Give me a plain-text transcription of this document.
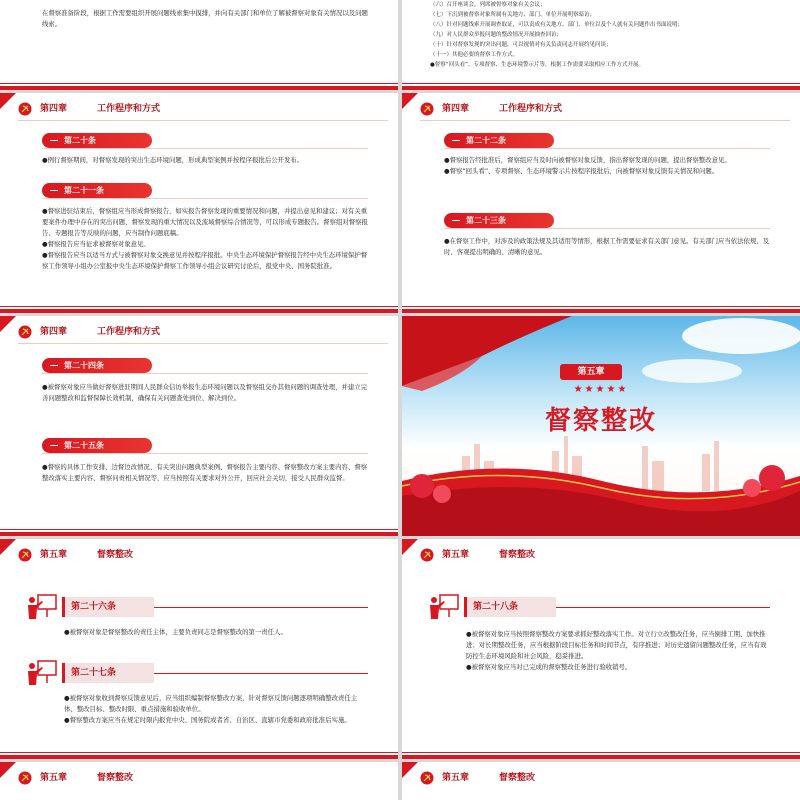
在督察准备阶段，根据工作需要组织开展问题线索集中摸排，并向有关部门和单位了解被督察对象有关情况以及问题线索。
（六）召开座谈会，列席被督察对象有关会议；
（七）下沉到被督察对象所属有关地方、部门、单位开展明察暗访；
（八）针对问题线索开展调查取证，可以责成有关地方、部门、单位以及个人就有关问题作出书面说明；
（九）对人民群众举报问题的整改情况开展抽查回访；
（十）针对督察发现的突出问题，可以视情对有关负责同志开展约见问谈；
（十一）其他必要的督察工作方式。
●督察“回头看”、专项督察、生态环境警示片等，根据工作需要采取相应工作方式开展。
第四章	工作程序和方式
第二十条
●例行督察期间，对督察发现的突出生态环境问题，形成典型案例并按程序报批后公开发布。
第二十一条
●督察进驻结束后，督察组应当形成督察报告，如实报告督察发现的重要情况和问题，并提出意见和建议；对有关重要案件办理中存在的突出问题、督察发现的重大情况以及流域督察综合情况等，可以形成专题报告。督察组对督察报告、专题报告等反映的问题，应当制作问题底稿。
●督察报告应当征求被督察对象意见。
●督察报告应当以适当方式与被督察对象交换意见并按程序报批。中央生态环境保护督察报告经中央生态环境保护督察工作领导小组办公室报中央生态环境保护督察工作领导小组会议研究讨论后，报党中央、国务院批准。
第四章	工作程序和方式
第二十二条
●督察报告经批准后，督察组应当及时向被督察对象反馈，指出督察发现的问题，提出督察整改意见。
●督察“回头看”、专项督察、生态环境警示片按程序报批后，向被督察对象反馈有关情况和问题。
第二十三条
●在督察工作中，对涉及的政策法规及其适用等情形，根据工作需要征求有关部门意见。有关部门应当依法依规、及时、客观提出明确的、清晰的意见。
第四章	工作程序和方式
第二十四条
●被督察对象应当做好督察进驻期间人民群众信访举报生态环境问题以及督察组交办其他问题的调查处理，并建立完善问题整改和监督保障长效机制，确保有关问题查处到位、解决到位。
第二十五条
●督察的具体工作安排、边督边改情况、有关突出问题典型案例、督察报告主要内容、督察整改方案主要内容、督察整改落实主要内容、督察问责相关情况等，应当按照有关要求对外公开，回应社会关切，接受人民群众监督。
第五章
★★★★★
督察整改
第五章	督察整改
第二十六条
●被督察对象是督察整改的责任主体，主要负责同志是督察整改的第一责任人。
第二十七条
●被督察对象收到督察反馈意见后，应当组织编制督察整改方案，针对督察反馈问题逐项明确整改责任主体、整改目标、整改时限、重点措施和验收单位。
●督察整改方案应当在规定时限内报党中央、国务院或者省、自治区、直辖市党委和政府批准后实施。
第五章	督察整改
第二十八条
●被督察对象应当按照督察整改方案要求抓好整改落实工作。对立行立改整改任务，应当倒排工期、加快推进；对长期整改任务，应当根据阶段目标任务和时间节点，有序推进；对历史遗留问题整改任务，应当有效防控生态环境风险和社会风险，稳妥推进。
●被督察对象应当对已完成的督察整改任务进行验收销号。
第五章	督察整改	第五章	督察整改
